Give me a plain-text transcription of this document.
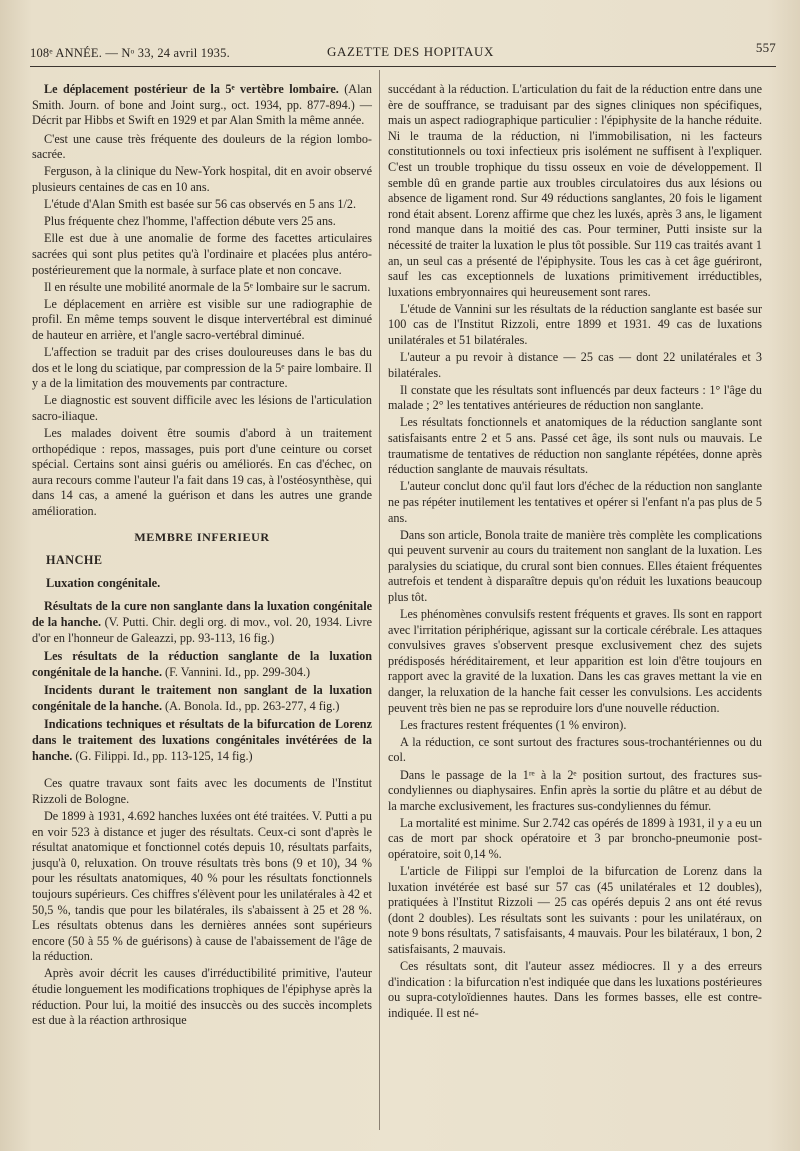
108ᵉ ANNÉE. — Nᵒ 33, 24 avril 1935.	GAZETTE DES HOPITAUX	557

Le déplacement postérieur de la 5ᵉ vertèbre lombaire. (Alan Smith. Journ. of bone and Joint surg., oct. 1934, pp. 877-894.) — Décrit par Hibbs et Swift en 1929 et par Alan Smith la même année.

C'est une cause très fréquente des douleurs de la région lombo-sacrée.

Ferguson, à la clinique du New-York hospital, dit en avoir observé plusieurs centaines de cas en 10 ans.

L'étude d'Alan Smith est basée sur 56 cas observés en 5 ans 1/2.

Plus fréquente chez l'homme, l'affection débute vers 25 ans.

Elle est due à une anomalie de forme des facettes articulaires sacrées qui sont plus petites qu'à l'ordinaire et placées plus antéro-postérieurement que la normale, à surface plate et non concave.

Il en résulte une mobilité anormale de la 5ᵉ lombaire sur le sacrum.

Le déplacement en arrière est visible sur une radiographie de profil. En même temps souvent le disque intervertébral est diminué de hauteur en arrière, et l'angle sacro-vertébral diminué.

L'affection se traduit par des crises douloureuses dans le bas du dos et le long du sciatique, par compression de la 5ᵉ paire lombaire. Il y a de la limitation des mouvements par contracture.

Le diagnostic est souvent difficile avec les lésions de l'articulation sacro-iliaque.

Les malades doivent être soumis d'abord à un traitement orthopédique : repos, massages, puis port d'une ceinture ou corset spécial. Certains sont ainsi guéris ou améliorés. En cas d'échec, on aura recours comme l'auteur l'a fait dans 19 cas, à l'ostéosynthèse, qui dans 14 cas, a amené la guérison et dans les autres une grande amélioration.

MEMBRE INFERIEUR
HANCHE
Luxation congénitale.

Résultats de la cure non sanglante dans la luxation congénitale de la hanche. (V. Putti. Chir. degli org. di mov., vol. 20, 1934. Livre d'or en l'honneur de Galeazzi, pp. 93-113, 16 fig.)

Les résultats de la réduction sanglante de la luxation congénitale de la hanche. (F. Vannini. Id., pp. 299-304.)

Incidents durant le traitement non sanglant de la luxation congénitale de la hanche. (A. Bonola. Id., pp. 263-277, 4 fig.)

Indications techniques et résultats de la bifurcation de Lorenz dans le traitement des luxations congénitales invétérées de la hanche. (G. Filippi. Id., pp. 113-125, 14 fig.)

Ces quatre travaux sont faits avec les documents de l'Institut Rizzoli de Bologne.

De 1899 à 1931, 4.692 hanches luxées ont été traitées. V. Putti a pu en voir 523 à distance et juger des résultats. Ceux-ci sont d'après le résultat anatomique et fonctionnel cotés depuis 10, résultats parfaits, jusqu'à 0, reluxation. On trouve résultats très bons (9 et 10), 34 % pour les résultats anatomiques, 40 % pour les résultats fonctionnels toujours supérieurs. Ces chiffres s'élèvent pour les unilatérales à 42 et 50,5 %, tandis que pour les bilatérales, ils s'abaissent à 25 et 28 %. Les résultats obtenus dans les dernières années sont supérieurs encore (50 à 55 % de guérisons) à cause de l'abaissement de l'âge de la réduction.

Après avoir décrit les causes d'irréductibilité primitive, l'auteur étudie longuement les modifications trophiques de l'épiphyse après la réduction. Pour lui, la moitié des insuccès ou des succès incomplets est due à la réaction arthrosique

succédant à la réduction. L'articulation du fait de la réduction entre dans une ère de souffrance, se traduisant par des signes cliniques non spécifiques, mais un aspect radiographique particulier : l'épiphysite de la hanche réduite. Ni le trauma de la réduction, ni l'immobilisation, ni les facteurs constitutionnels ou toxi infectieux pris isolément ne suffisent à l'expliquer. C'est un trouble trophique du tissu osseux en voie de développement. Il semble dû en grande partie aux troubles circulatoires dus aux lésions ou absence de ligament rond. Sur 49 réductions sanglantes, 20 fois le ligament rond était absent. Lorenz affirme que chez les luxés, après 3 ans, le ligament rond manque dans la moitié des cas. Pour terminer, Putti insiste sur la nécessité de traiter la luxation le plus tôt possible. Sur 119 cas traités avant 1 an, un seul cas a présenté de l'épiphysite. Tous les cas à cet âge guériront, sauf les cas exceptionnels de luxations primitivement irréductibles, luxations embryonnaires qui heureusement sont rares.

L'étude de Vannini sur les résultats de la réduction sanglante est basée sur 100 cas de l'Institut Rizzoli, entre 1899 et 1931. 49 cas de luxations unilatérales et 51 bilatérales.

L'auteur a pu revoir à distance — 25 cas — dont 22 unilatérales et 3 bilatérales.

Il constate que les résultats sont influencés par deux facteurs : 1° l'âge du malade ; 2° les tentatives antérieures de réduction non sanglante.

Les résultats fonctionnels et anatomiques de la réduction sanglante sont satisfaisants entre 2 et 5 ans. Passé cet âge, ils sont nuls ou mauvais. Le traumatisme de tentatives de réduction non sanglante répétées, donne après réduction sanglante de mauvais résultats.

L'auteur conclut donc qu'il faut lors d'échec de la réduction non sanglante ne pas répéter inutilement les tentatives et opérer si l'enfant n'a pas plus de 5 ans.

Dans son article, Bonola traite de manière très complète les complications qui peuvent survenir au cours du traitement non sanglant de la luxation. Les paralysies du sciatique, du crural sont bien connues. Elles étaient fréquentes autrefois et tendent à disparaître depuis qu'on réduit les luxations beaucoup plus tôt.

Les phénomènes convulsifs restent fréquents et graves. Ils sont en rapport avec l'irritation périphérique, agissant sur la corticale cérébrale. Les attaques convulsives graves s'observent presque exclusivement chez des sujets prédisposés héréditairement, et leur apparition est loin d'être toujours en rapport avec la gravité de la luxation. Dans les cas graves mettant la vie en danger, la reluxation de la hanche fait cesser les convulsions. Les accidents peuvent très bien ne pas se reproduire lors d'une nouvelle réduction.

Les fractures restent fréquentes (1 % environ).

A la réduction, ce sont surtout des fractures sous-trochantériennes ou du col.

Dans le passage de la 1ʳᵉ à la 2ᵉ position surtout, des fractures sus-condyliennes ou diaphysaires. Enfin après la sortie du plâtre et au début de la marche exclusivement, les fractures sus-condyliennes du fémur.

La mortalité est minime. Sur 2.742 cas opérés de 1899 à 1931, il y a eu un cas de mort par shock opératoire et 3 par broncho-pneumonie post-opératoire, soit 0,14 %.

L'article de Filippi sur l'emploi de la bifurcation de Lorenz dans la luxation invétérée est basé sur 57 cas (45 unilatérales et 12 doubles), pratiquées à l'Institut Rizzoli — 25 cas opérés depuis 2 ans ont été revus (dont 2 doubles). Les résultats sont les suivants : pour les unilatéraux, on note 9 bons résultats, 7 satisfaisants, 4 mauvais. Pour les bilatéraux, 1 bon, 2 satisfaisants, 2 mauvais.

Ces résultats sont, dit l'auteur assez médiocres. Il y a des erreurs d'indication : la bifurcation n'est indiquée que dans les luxations postérieures ou supra-cotyloïdiennes hautes. Dans les formes basses, elle est contre-indiquée. Il est né-
